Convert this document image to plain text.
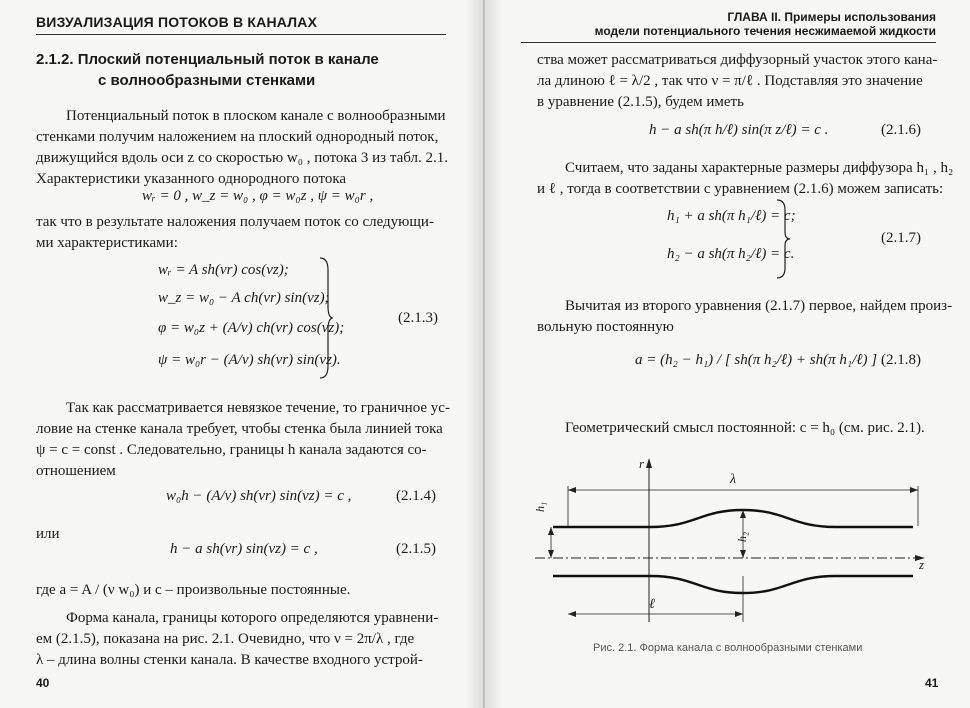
ВИЗУАЛИЗАЦИЯ ПОТОКОВ В КАНАЛАХ
2.1.2. Плоский потенциальный поток в канале
с волнообразными стенками
Потенциальный поток в плоском канале с волнообразными
стенками получим наложением на плоский однородный поток,
движущийся вдоль оси z со скоростью w₀ , потока 3 из табл. 2.1.
Характеристики указанного однородного потока
wᵣ = 0 , w_z = w₀ , φ = w₀z , ψ = w₀r ,
так что в результате наложения получаем поток со следующи-
ми характеристиками:
wᵣ = A sh(νr) cos(νz);
w_z = w₀ − A ch(νr) sin(νz);
φ = w₀z + (A/ν) ch(νr) cos(νz);
ψ = w₀r − (A/ν) sh(νr) sin(νz).
(2.1.3)
Так как рассматривается невязкое течение, то граничное ус-
ловие на стенке канала требует, чтобы стенка была линией тока
ψ = c = const . Следовательно, границы h канала задаются со-
отношением
w₀h − (A/ν) sh(νr) sin(νz) = c ,	(2.1.4)
или
h − a sh(νr) sin(νz) = c ,	(2.1.5)
где a = A / (ν w₀) и c – произвольные постоянные.
Форма канала, границы которого определяются уравнени-
ем (2.1.5), показана на рис. 2.1. Очевидно, что ν = 2π/λ , где
λ – длина волны стенки канала. В качестве входного устрой-
40
ГЛАВА II. Примеры использования
модели потенциального течения несжимаемой жидкости
ства может рассматриваться диффузорный участок этого кана-
ла длиною ℓ = λ/2 , так что ν = π/ℓ . Подставляя это значение
в уравнение (2.1.5), будем иметь
h − a sh(π h/ℓ) sin(π z/ℓ) = c .	(2.1.6)
Считаем, что заданы характерные размеры диффузора h₁ , h₂
и ℓ , тогда в соответствии с уравнением (2.1.6) можем записать:
h₁ + a sh(π h₁/ℓ) = c;
h₂ − a sh(π h₂/ℓ) = c.
(2.1.7)
Вычитая из второго уравнения (2.1.7) первое, найдем произ-
вольную постоянную
a = (h₂ − h₁) / [ sh(π h₂/ℓ) + sh(π h₁/ℓ) ] .
(2.1.8)
Геометрический смысл постоянной: c = h₀ (см. рис. 2.1).
r
z
λ
h₁
h₂
ℓ
Рис. 2.1. Форма канала с волнообразными стенками
41
